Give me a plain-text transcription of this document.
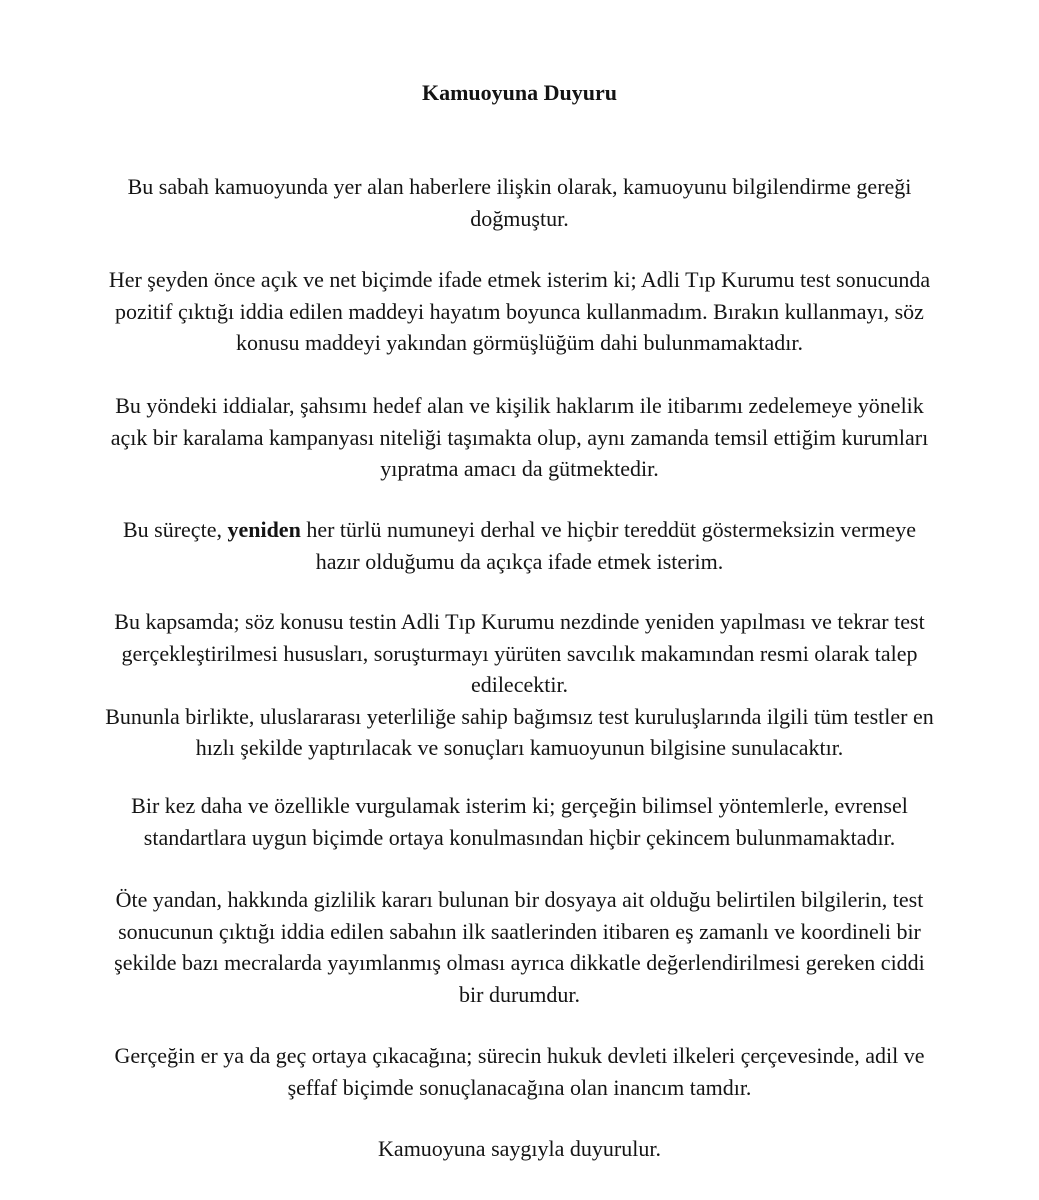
Kamuoyuna Duyuru
Bu sabah kamuoyunda yer alan haberlere ilişkin olarak, kamuoyunu bilgilendirme gereği
doğmuştur.
Her şeyden önce açık ve net biçimde ifade etmek isterim ki; Adli Tıp Kurumu test sonucunda
pozitif çıktığı iddia edilen maddeyi hayatım boyunca kullanmadım. Bırakın kullanmayı, söz
konusu maddeyi yakından görmüşlüğüm dahi bulunmamaktadır.
Bu yöndeki iddialar, şahsımı hedef alan ve kişilik haklarım ile itibarımı zedelemeye yönelik
açık bir karalama kampanyası niteliği taşımakta olup, aynı zamanda temsil ettiğim kurumları
yıpratma amacı da gütmektedir.
Bu süreçte, yeniden her türlü numuneyi derhal ve hiçbir tereddüt göstermeksizin vermeye
hazır olduğumu da açıkça ifade etmek isterim.
Bu kapsamda; söz konusu testin Adli Tıp Kurumu nezdinde yeniden yapılması ve tekrar test
gerçekleştirilmesi hususları, soruşturmayı yürüten savcılık makamından resmi olarak talep
edilecektir.
Bununla birlikte, uluslararası yeterliliğe sahip bağımsız test kuruluşlarında ilgili tüm testler en
hızlı şekilde yaptırılacak ve sonuçları kamuoyunun bilgisine sunulacaktır.
Bir kez daha ve özellikle vurgulamak isterim ki; gerçeğin bilimsel yöntemlerle, evrensel
standartlara uygun biçimde ortaya konulmasından hiçbir çekincem bulunmamaktadır.
Öte yandan, hakkında gizlilik kararı bulunan bir dosyaya ait olduğu belirtilen bilgilerin, test
sonucunun çıktığı iddia edilen sabahın ilk saatlerinden itibaren eş zamanlı ve koordineli bir
şekilde bazı mecralarda yayımlanmış olması ayrıca dikkatle değerlendirilmesi gereken ciddi
bir durumdur.
Gerçeğin er ya da geç ortaya çıkacağına; sürecin hukuk devleti ilkeleri çerçevesinde, adil ve
şeffaf biçimde sonuçlanacağına olan inancım tamdır.
Kamuoyuna saygıyla duyurulur.
